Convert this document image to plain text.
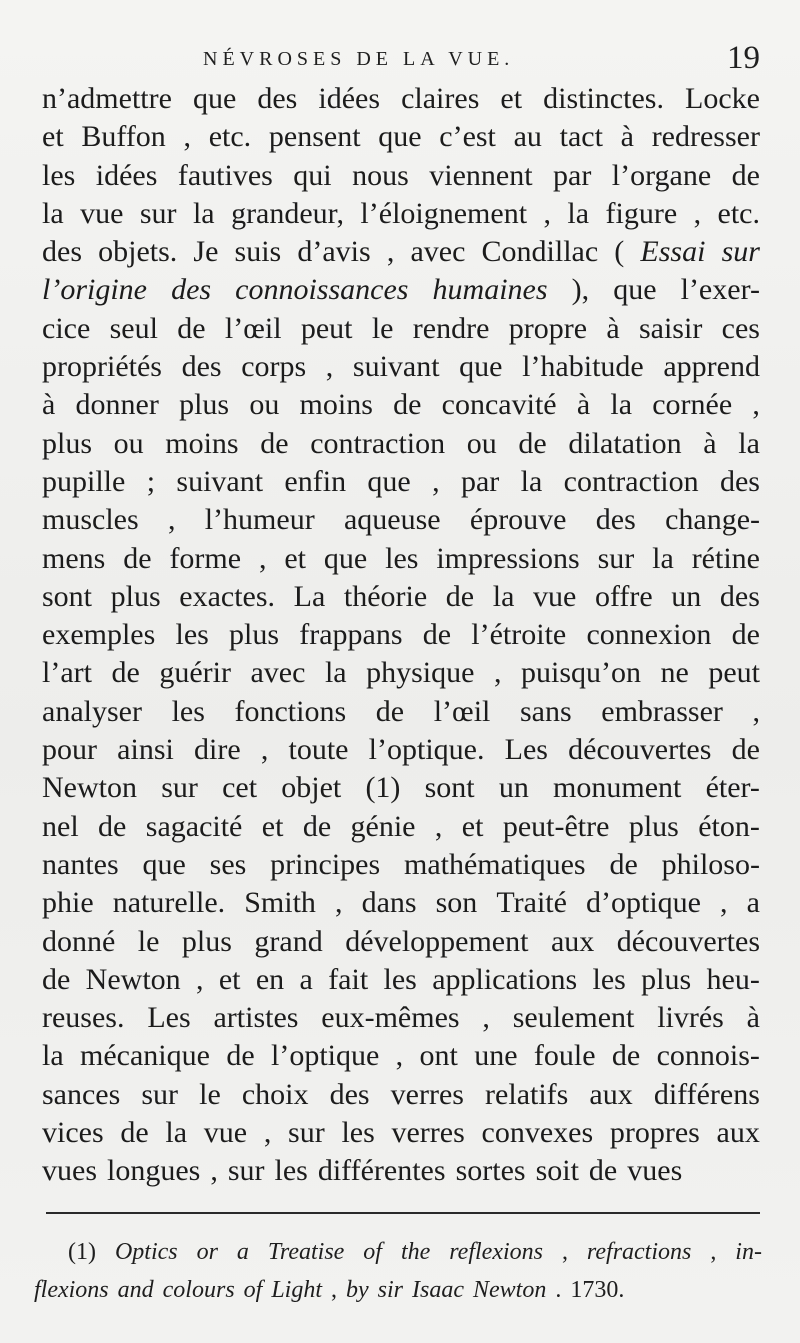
NÉVROSES DE LA VUE.	19
n’admettre que des idées claires et distinctes. Locke
et Buffon , etc. pensent que c’est au tact à redresser
les idées fautives qui nous viennent par l’organe de
la vue sur la grandeur, l’éloignement , la figure , etc.
des objets. Je suis d’avis , avec Condillac ( Essai sur
l’origine des connoissances humaines ), que l’exer-
cice seul de l’œil peut le rendre propre à saisir ces
propriétés des corps , suivant que l’habitude apprend
à donner plus ou moins de concavité à la cornée ,
plus ou moins de contraction ou de dilatation à la
pupille ; suivant enfin que , par la contraction des
muscles , l’humeur aqueuse éprouve des change-
mens de forme , et que les impressions sur la rétine
sont plus exactes. La théorie de la vue offre un des
exemples les plus frappans de l’étroite connexion de
l’art de guérir avec la physique , puisqu’on ne peut
analyser les fonctions de l’œil sans embrasser ,
pour ainsi dire , toute l’optique. Les découvertes de
Newton sur cet objet (1) sont un monument éter-
nel de sagacité et de génie , et peut-être plus éton-
nantes que ses principes mathématiques de philoso-
phie naturelle. Smith , dans son Traité d’optique , a
donné le plus grand développement aux découvertes
de Newton , et en a fait les applications les plus heu-
reuses. Les artistes eux-mêmes , seulement livrés à
la mécanique de l’optique , ont une foule de connois-
sances sur le choix des verres relatifs aux différens
vices de la vue , sur les verres convexes propres aux
vues longues , sur les différentes sortes soit de vues
(1) Optics or a Treatise of the reflexions , refractions , in-
flexions and colours of Light , by sir Isaac Newton . 1730.
